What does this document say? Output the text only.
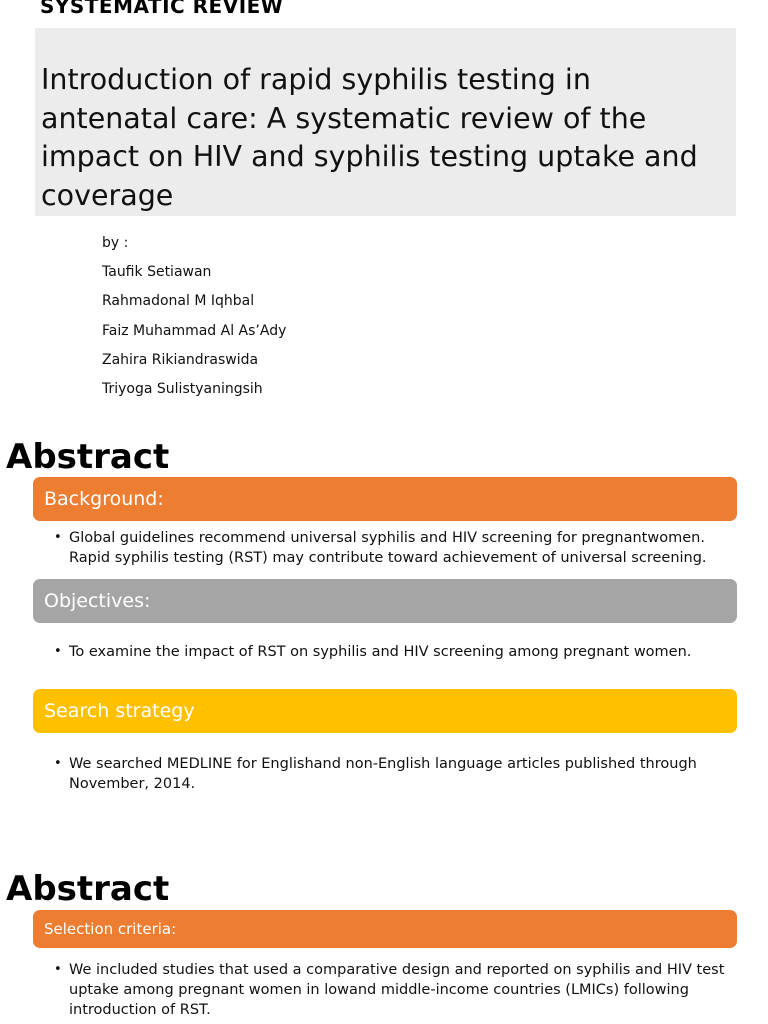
SYSTEMATIC REVIEW
Introduction of rapid syphilis testing in antenatal care: A systematic review of the impact on HIV and syphilis testing uptake and coverage
by :
Taufik Setiawan
Rahmadonal M Iqhbal
Faiz Muhammad Al As’Ady
Zahira Rikiandraswida
Triyoga Sulistyaningsih
Abstract
Background:
• Global guidelines recommend universal syphilis and HIV screening for pregnantwomen. Rapid syphilis testing (RST) may contribute toward achievement of universal screening.
Objectives:
• To examine the impact of RST on syphilis and HIV screening among pregnant women.
Search strategy
• We searched MEDLINE for Englishand non-English language articles published through November, 2014.
Abstract
Selection criteria:
• We included studies that used a comparative design and reported on syphilis and HIV test uptake among pregnant women in lowand middle-income countries (LMICs) following introduction of RST.
